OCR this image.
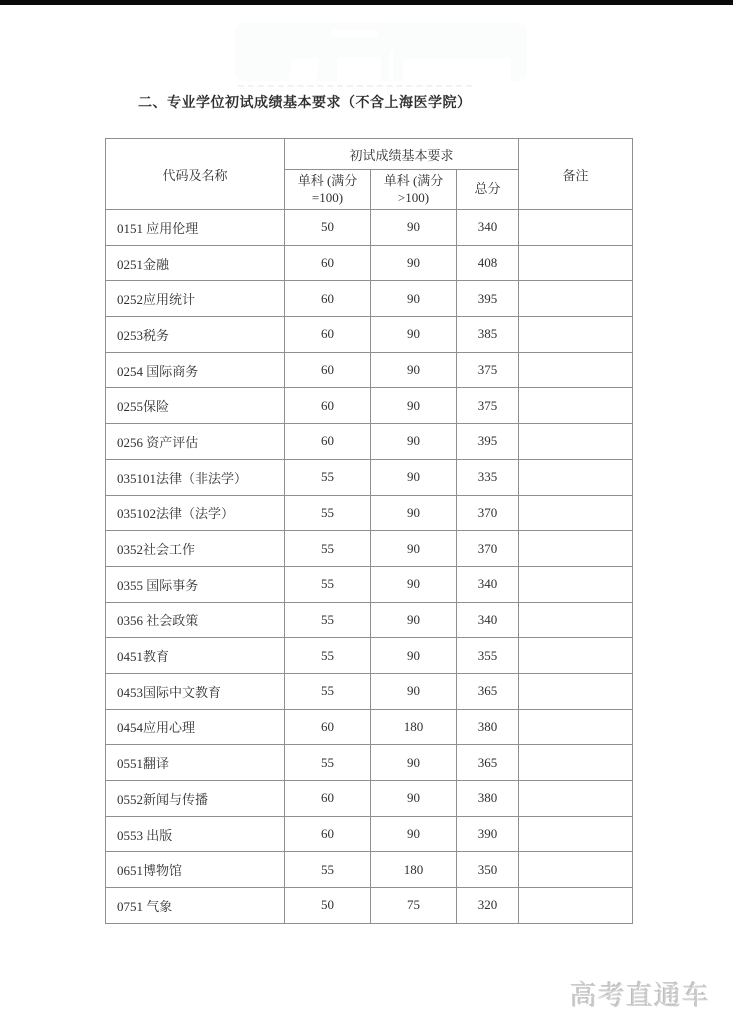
二、专业学位初试成绩基本要求（不含上海医学院）
代码及名称	初试成绩基本要求			备注
	单科 (满分=100)	单科 (满分>100)	总分	
0151 应用伦理	50	90	340	
0251金融	60	90	408	
0252应用统计	60	90	395	
0253税务	60	90	385	
0254 国际商务	60	90	375	
0255保险	60	90	375	
0256 资产评估	60	90	395	
035101法律（非法学）	55	90	335	
035102法律（法学）	55	90	370	
0352社会工作	55	90	370	
0355 国际事务	55	90	340	
0356 社会政策	55	90	340	
0451教育	55	90	355	
0453国际中文教育	55	90	365	
0454应用心理	60	180	380	
0551翻译	55	90	365	
0552新闻与传播	60	90	380	
0553 出版	60	90	390	
0651博物馆	55	180	350	
0751 气象	50	75	320	
高考直通车
